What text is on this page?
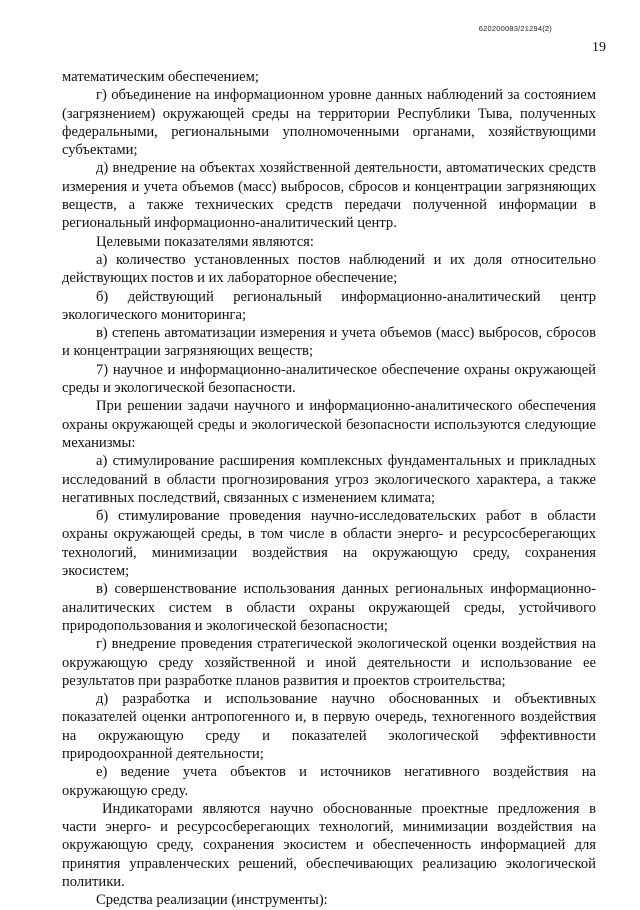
620200083/21294(2)
19

математическим обеспечением;

г) объединение на информационном уровне данных наблюдений за состоянием (загрязнением) окружающей среды на территории Республики Тыва, полученных федеральными, региональными уполномоченными органами, хозяйствующими субъектами;

д) внедрение на объектах хозяйственной деятельности, автоматических средств измерения и учета объемов (масс) выбросов, сбросов и концентрации загрязняющих веществ, а также технических средств передачи полученной информации в региональный информационно-аналитический центр.

Целевыми показателями являются:

а) количество установленных постов наблюдений и их доля относительно действующих постов и их лабораторное обеспечение;

б) действующий региональный информационно-аналитический центр экологического мониторинга;

в) степень автоматизации измерения и учета объемов (масс) выбросов, сбросов и концентрации загрязняющих веществ;

7) научное и информационно-аналитическое обеспечение охраны окружающей среды и экологической безопасности.

При решении задачи научного и информационно-аналитического обеспечения охраны окружающей среды и экологической безопасности используются следующие механизмы:

а) стимулирование расширения комплексных фундаментальных и прикладных исследований в области прогнозирования угроз экологического характера, а также негативных последствий, связанных с изменением климата;

б) стимулирование проведения научно-исследовательских работ в области охраны окружающей среды, в том числе в области энерго- и ресурсосберегающих технологий, минимизации воздействия на окружающую среду, сохранения экосистем;

в) совершенствование использования данных региональных информационно-аналитических систем в области охраны окружающей среды, устойчивого природопользования и экологической безопасности;

г) внедрение проведения стратегической экологической оценки воздействия на окружающую среду хозяйственной и иной деятельности и использование ее результатов при разработке планов развития и проектов строительства;

д) разработка и использование научно обоснованных и объективных показателей оценки антропогенного и, в первую очередь, техногенного воздействия на окружающую среду и показателей экологической эффективности природоохранной деятельности;

е) ведение учета объектов и источников негативного воздействия на окружающую среду.

Индикаторами являются научно обоснованные проектные предложения в части энерго- и ресурсосберегающих технологий, минимизации воздействия на окружающую среду, сохранения экосистем и обеспеченность информацией для принятия управленческих решений, обеспечивающих реализацию экологической политики.

Средства реализации (инструменты):
